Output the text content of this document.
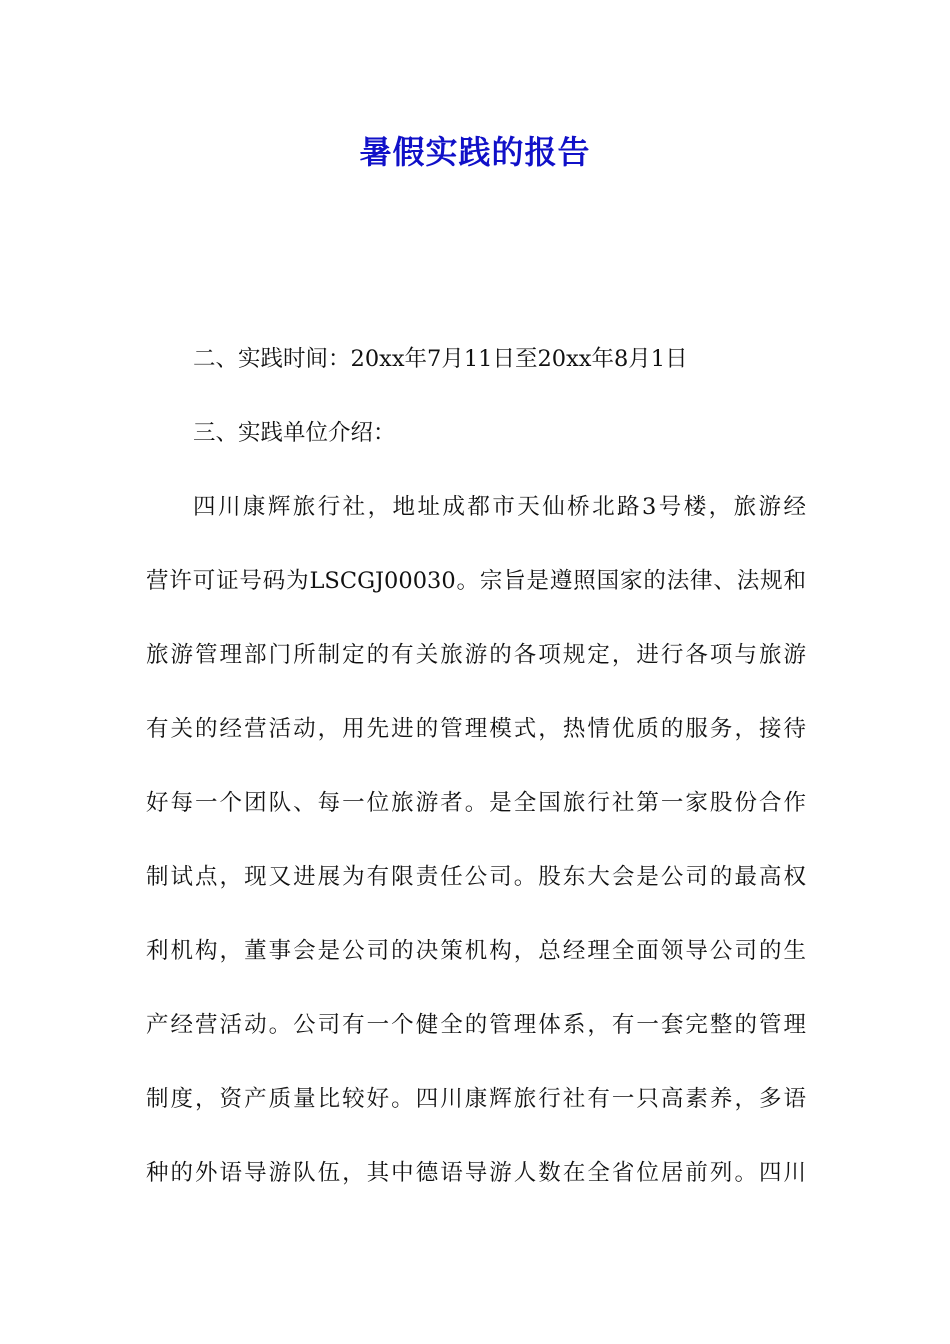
暑假实践的报告

二、实践时间：20xx年7月11日至20xx年8月1日

三、实践单位介绍：

四川康辉旅行社，地址成都市天仙桥北路3号楼，旅游经

营许可证号码为LSCGJ00030。宗旨是遵照国家的法律、法规和

旅游管理部门所制定的有关旅游的各项规定，进行各项与旅游

有关的经营活动，用先进的管理模式，热情优质的服务，接待

好每一个团队、每一位旅游者。是全国旅行社第一家股份合作

制试点，现又进展为有限责任公司。股东大会是公司的最高权

利机构，董事会是公司的决策机构，总经理全面领导公司的生

产经营活动。公司有一个健全的管理体系，有一套完整的管理

制度，资产质量比较好。四川康辉旅行社有一只高素养，多语

种的外语导游队伍，其中德语导游人数在全省位居前列。四川
